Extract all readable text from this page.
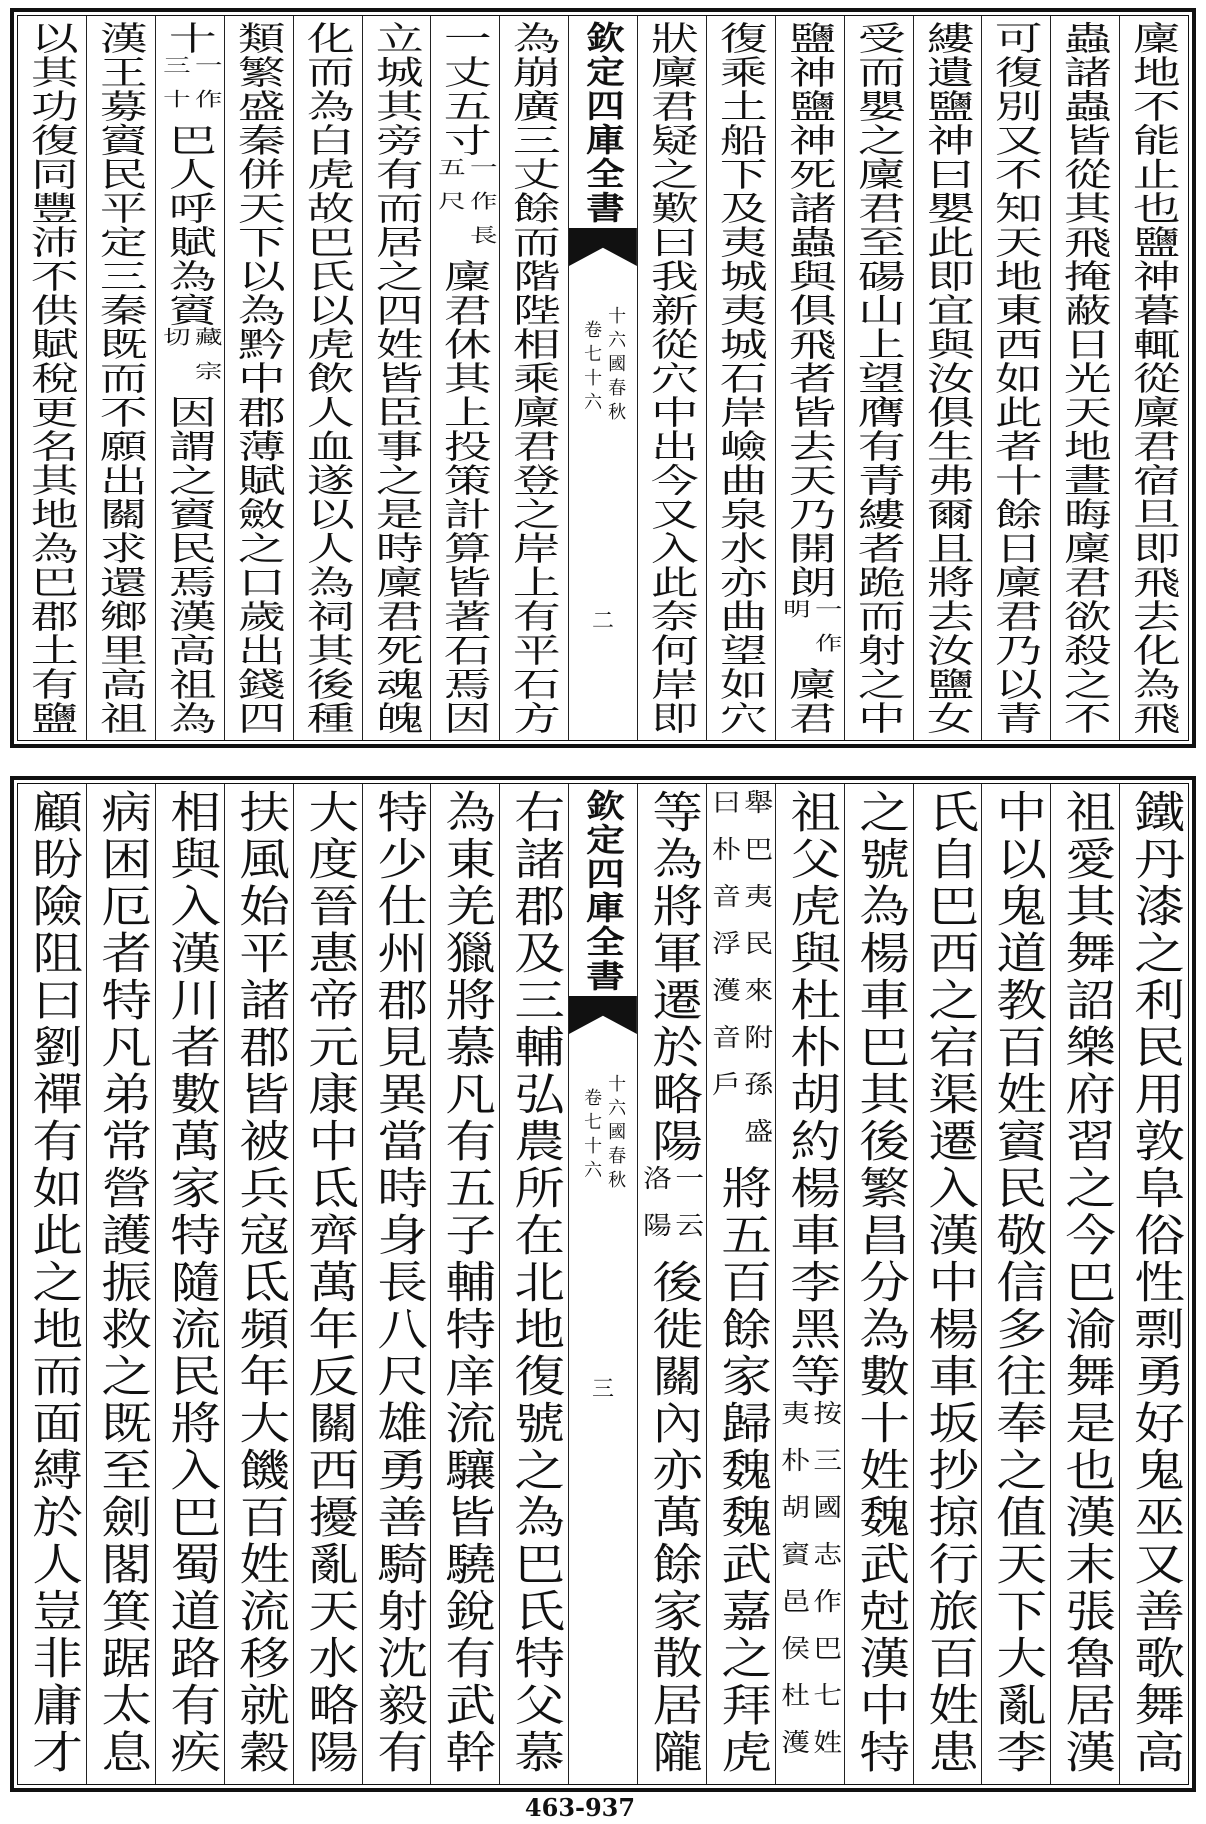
廩地不能止也鹽神暮輒從廩君宿旦即飛去化為飛
蟲諸蟲皆從其飛掩蔽日光天地晝晦廩君欲殺之不
可復別又不知天地東西如此者十餘日廩君乃以青
縷遺鹽神曰嬰此即宜與汝俱生弗爾且將去汝鹽女
受而嬰之廩君至碭山上望膺有青縷者跪而射之中
鹽神鹽神死諸蟲與俱飛者皆去天乃開朗
一作
明
廩君
復乘土船下及夷城夷城石岸嶮曲泉水亦曲望如穴
狀廩君疑之歎曰我新從穴中出今又入此奈何岸即
欽定四庫全書
十六國春秋
卷七十六
二
為崩廣三丈餘而階陛相乘廩君登之岸上有平石方
一丈五寸
一作長
五尺
廩君休其上投策計算皆著石焉因
立城其旁有而居之四姓皆臣事之是時廩君死魂魄
化而為白虎故巴氏以虎飲人血遂以人為祠其後種
類繁盛秦併天下以為黔中郡薄賦斂之口歲出錢四
十
一作
三十
巴人呼賦為賨
藏宗
切
因謂之賨民焉漢高祖為
漢王募賨民平定三秦既而不願出關求還鄉里高祖
以其功復同豐沛不供賦稅更名其地為巴郡土有鹽
鐵丹漆之利民用敦阜俗性剽勇好鬼巫又善歌舞高
祖愛其舞詔樂府習之今巴渝舞是也漢末張魯居漢
中以鬼道教百姓賨民敬信多往奉之值天下大亂李
氏自巴西之宕渠遷入漢中楊車坂抄掠行旅百姓患
之號為楊車巴其後繁昌分為數十姓魏武尅漢中特
祖父虎與杜朴胡約楊車李黑等
按三國志作巴七姓
夷朴胡賨邑侯杜濩
舉巴夷民來附孫盛
曰朴音浮濩音戶
將五百餘家歸魏魏武嘉之拜虎
等為將軍遷於略陽
一云
洛陽
後徙關內亦萬餘家散居隴
欽定四庫全書
十六國春秋
卷七十六
三
右諸郡及三輔弘農所在北地復號之為巴氏特父慕
為東羌獵將慕凡有五子輔特庠流驤皆驍銳有武幹
特少仕州郡見異當時身長八尺雄勇善騎射沈毅有
大度晉惠帝元康中氐齊萬年反關西擾亂天水略陽
扶風始平諸郡皆被兵寇氐頻年大饑百姓流移就穀
相與入漢川者數萬家特隨流民將入巴蜀道路有疾
病困厄者特凡弟常營護振救之既至劍閣箕踞太息
顧盼險阻曰劉禪有如此之地而面縛於人豈非庸才
463-937
